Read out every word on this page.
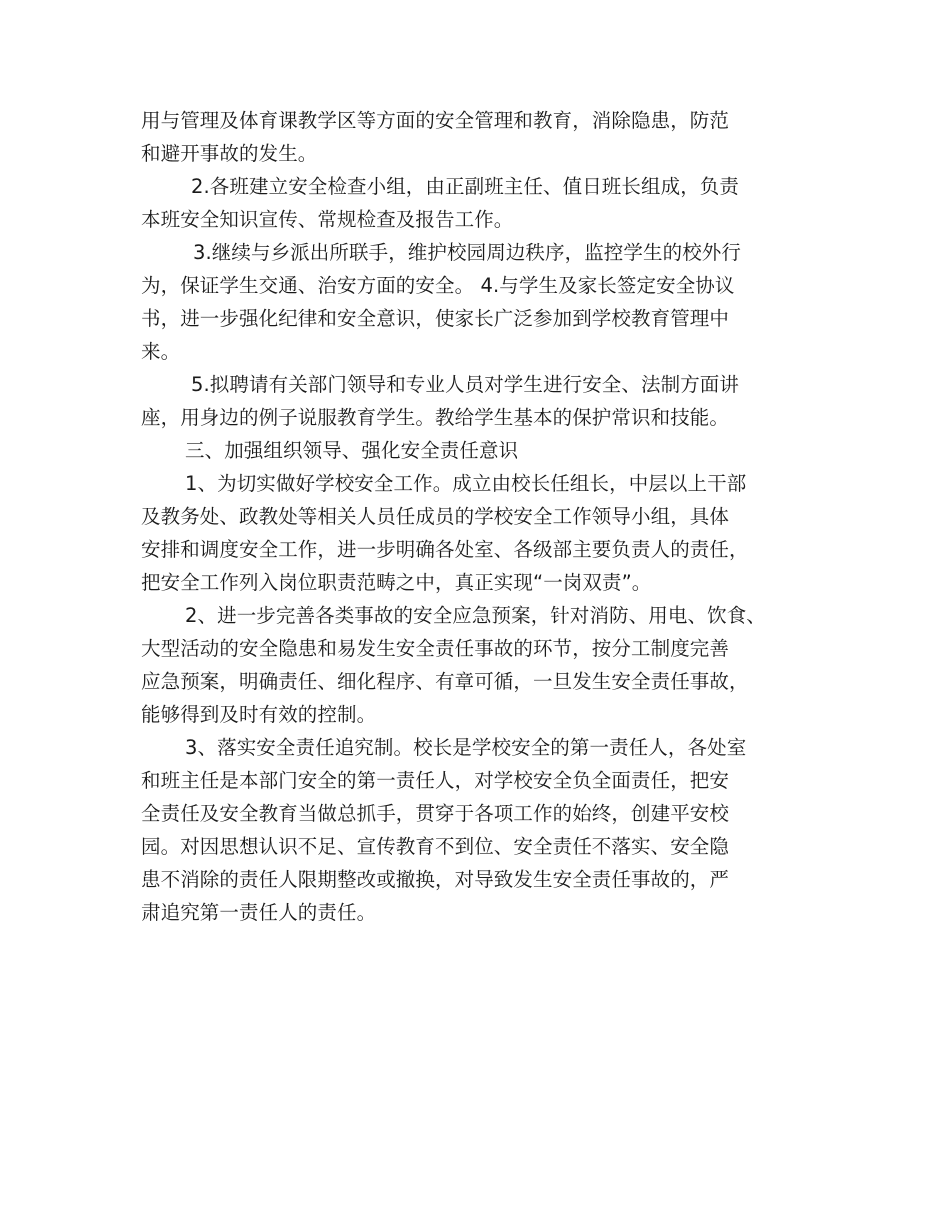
用与管理及体育课教学区等方面的安全管理和教育，消除隐患，防范
和避开事故的发生。
2.各班建立安全检查小组，由正副班主任、值日班长组成，负责
本班安全知识宣传、常规检查及报告工作。
3.继续与乡派出所联手，维护校园周边秩序，监控学生的校外行
为，保证学生交通、治安方面的安全。 4.与学生及家长签定安全协议
书，进一步强化纪律和安全意识，使家长广泛参加到学校教育管理中
来。
5.拟聘请有关部门领导和专业人员对学生进行安全、法制方面讲
座，用身边的例子说服教育学生。教给学生基本的保护常识和技能。
三、加强组织领导、强化安全责任意识
1、为切实做好学校安全工作。成立由校长任组长，中层以上干部
及教务处、政教处等相关人员任成员的学校安全工作领导小组，具体
安排和调度安全工作，进一步明确各处室、各级部主要负责人的责任，
把安全工作列入岗位职责范畴之中，真正实现“一岗双责”。
2、进一步完善各类事故的安全应急预案，针对消防、用电、饮食、
大型活动的安全隐患和易发生安全责任事故的环节，按分工制度完善
应急预案，明确责任、细化程序、有章可循，一旦发生安全责任事故，
能够得到及时有效的控制。
3、落实安全责任追究制。校长是学校安全的第一责任人，各处室
和班主任是本部门安全的第一责任人，对学校安全负全面责任，把安
全责任及安全教育当做总抓手，贯穿于各项工作的始终，创建平安校
园。对因思想认识不足、宣传教育不到位、安全责任不落实、安全隐
患不消除的责任人限期整改或撤换，对导致发生安全责任事故的，严
肃追究第一责任人的责任。
